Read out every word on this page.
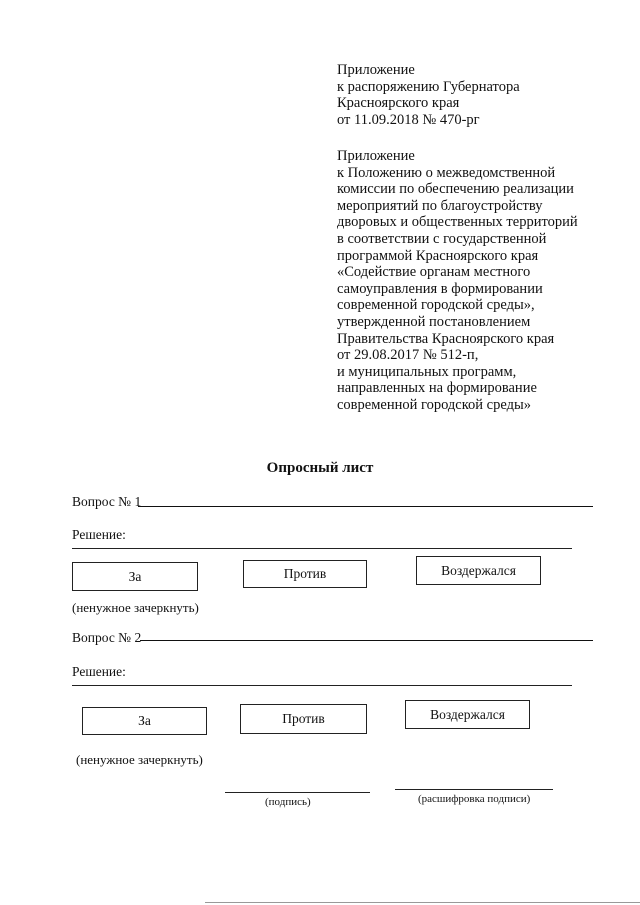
Приложение
к распоряжению Губернатора
Красноярского края
от 11.09.2018 № 470-рг
Приложение
к Положению о межведомственной
комиссии по обеспечению реализации
мероприятий по благоустройству
дворовых и общественных территорий
в соответствии с государственной
программой Красноярского края
«Содействие органам местного
самоуправления в формировании
современной городской среды»,
утвержденной постановлением
Правительства Красноярского края
от 29.08.2017 № 512-п,
и муниципальных программ,
направленных на формирование
современной городской среды»
Опросный лист
Вопрос № 1
Решение:
За	Против	Воздержался
(ненужное зачеркнуть)
Вопрос № 2
Решение:
За	Против	Воздержался
(ненужное зачеркнуть)
(подпись)	(расшифровка подписи)
